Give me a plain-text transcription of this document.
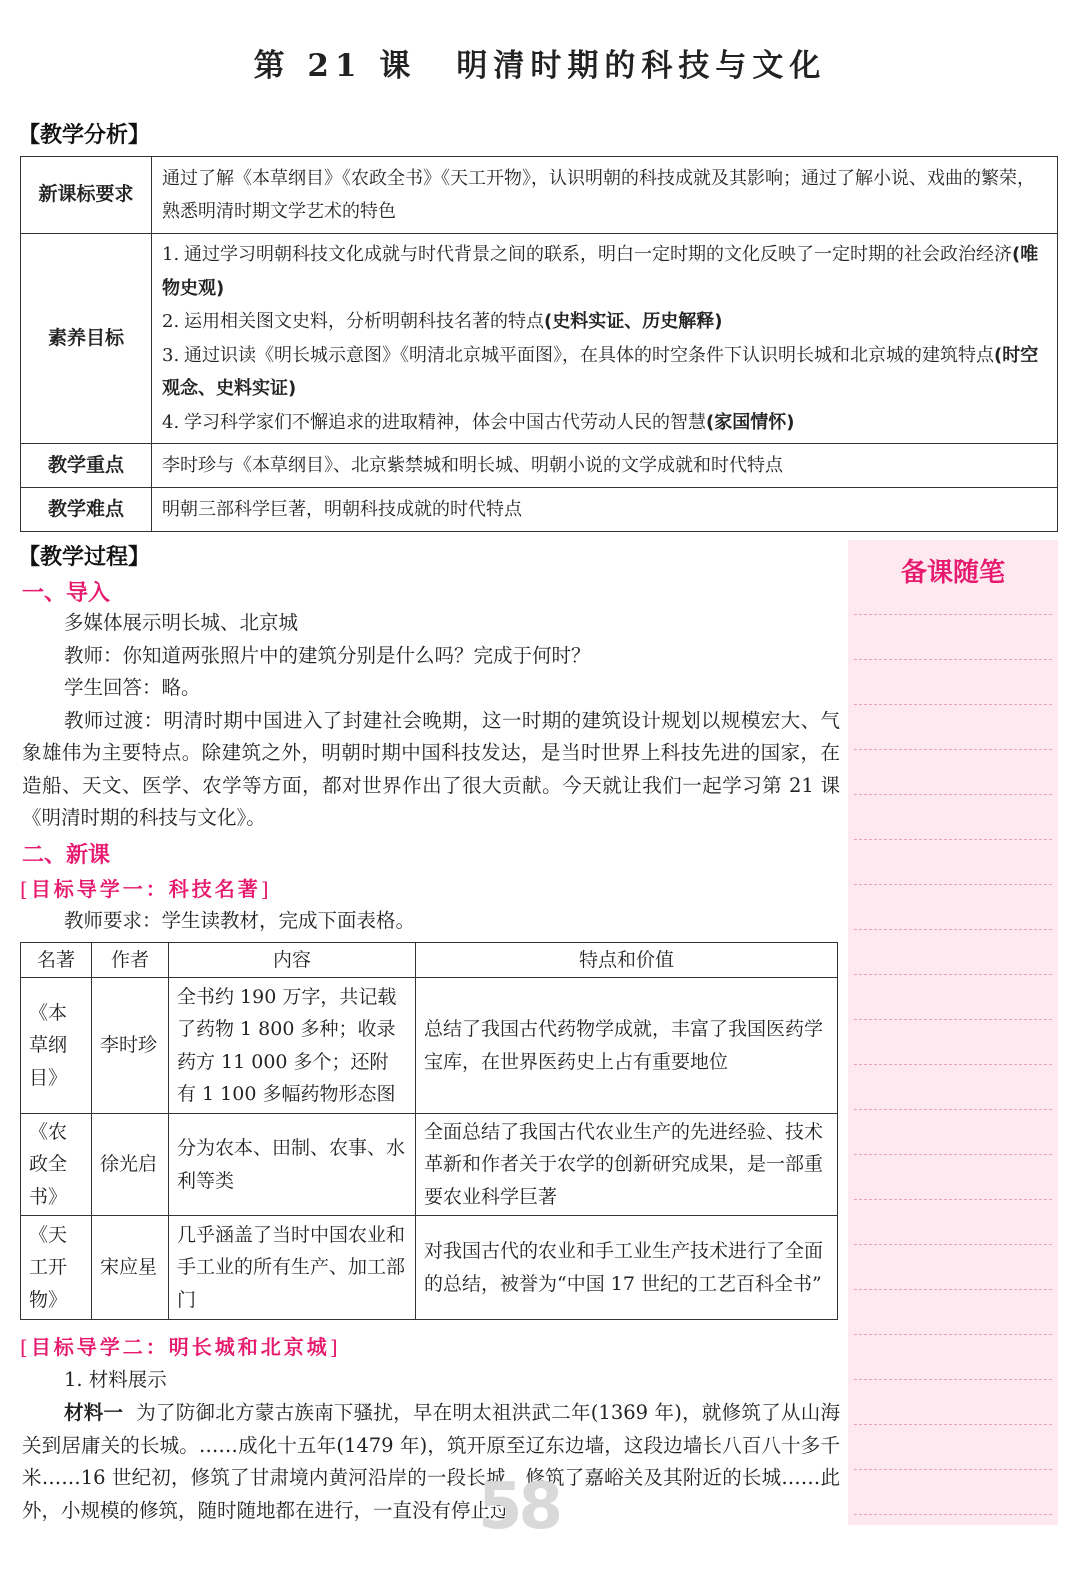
第 21 课 明清时期的科技与文化
【教学分析】
新课标要求	通过了解《本草纲目》《农政全书》《天工开物》，认识明朝的科技成就及其影响；通过了解小说、戏曲的繁荣，熟悉明清时期文学艺术的特色
素养目标	1. 通过学习明朝科技文化成就与时代背景之间的联系，明白一定时期的文化反映了一定时期的社会政治经济(唯物史观)
2. 运用相关图文史料，分析明朝科技名著的特点(史料实证、历史解释)
3. 通过识读《明长城示意图》《明清北京城平面图》，在具体的时空条件下认识明长城和北京城的建筑特点(时空观念、史料实证)
4. 学习科学家们不懈追求的进取精神，体会中国古代劳动人民的智慧(家国情怀)

教学重点	李时珍与《本草纲目》、北京紫禁城和明长城、明朝小说的文学成就和时代特点
教学难点	明朝三部科学巨著，明朝科技成就的时代特点
【教学过程】
一、导入
多媒体展示明长城、北京城
教师：你知道两张照片中的建筑分别是什么吗？完成于何时？
学生回答：略。
教师过渡：明清时期中国进入了封建社会晚期，这一时期的建筑设计规划以规模宏大、气象雄伟为主要特点。除建筑之外，明朝时期中国科技发达，是当时世界上科技先进的国家，在造船、天文、医学、农学等方面，都对世界作出了很大贡献。今天就让我们一起学习第 21 课《明清时期的科技与文化》。
二、新课
[目标导学一：科技名著]
教师要求：学生读教材，完成下面表格。
名著	作者	内容	特点和价值
《本草纲目》	李时珍	全书约 190 万字，共记载了药物 1 800 多种；收录药方 11 000 多个；还附有 1 100 多幅药物形态图	总结了我国古代药物学成就，丰富了我国医药学宝库，在世界医药史上占有重要地位
《农政全书》	徐光启	分为农本、田制、农事、水利等类	全面总结了我国古代农业生产的先进经验、技术革新和作者关于农学的创新研究成果，是一部重要农业科学巨著
《天工开物》	宋应星	几乎涵盖了当时中国农业和手工业的所有生产、加工部门	对我国古代的农业和手工业生产技术进行了全面的总结，被誉为“中国 17 世纪的工艺百科全书”
[目标导学二：明长城和北京城]
1. 材料展示
材料一 为了防御北方蒙古族南下骚扰，早在明太祖洪武二年(1369 年)，就修筑了从山海关到居庸关的长城。……成化十五年(1479 年)，筑开原至辽东边墙，这段边墙长八百八十多千米……16 世纪初，修筑了甘肃境内黄河沿岸的一段长城，修筑了嘉峪关及其附近的长城……此外，小规模的修筑，随时随地都在进行，一直没有停止过。
备课随笔
58
